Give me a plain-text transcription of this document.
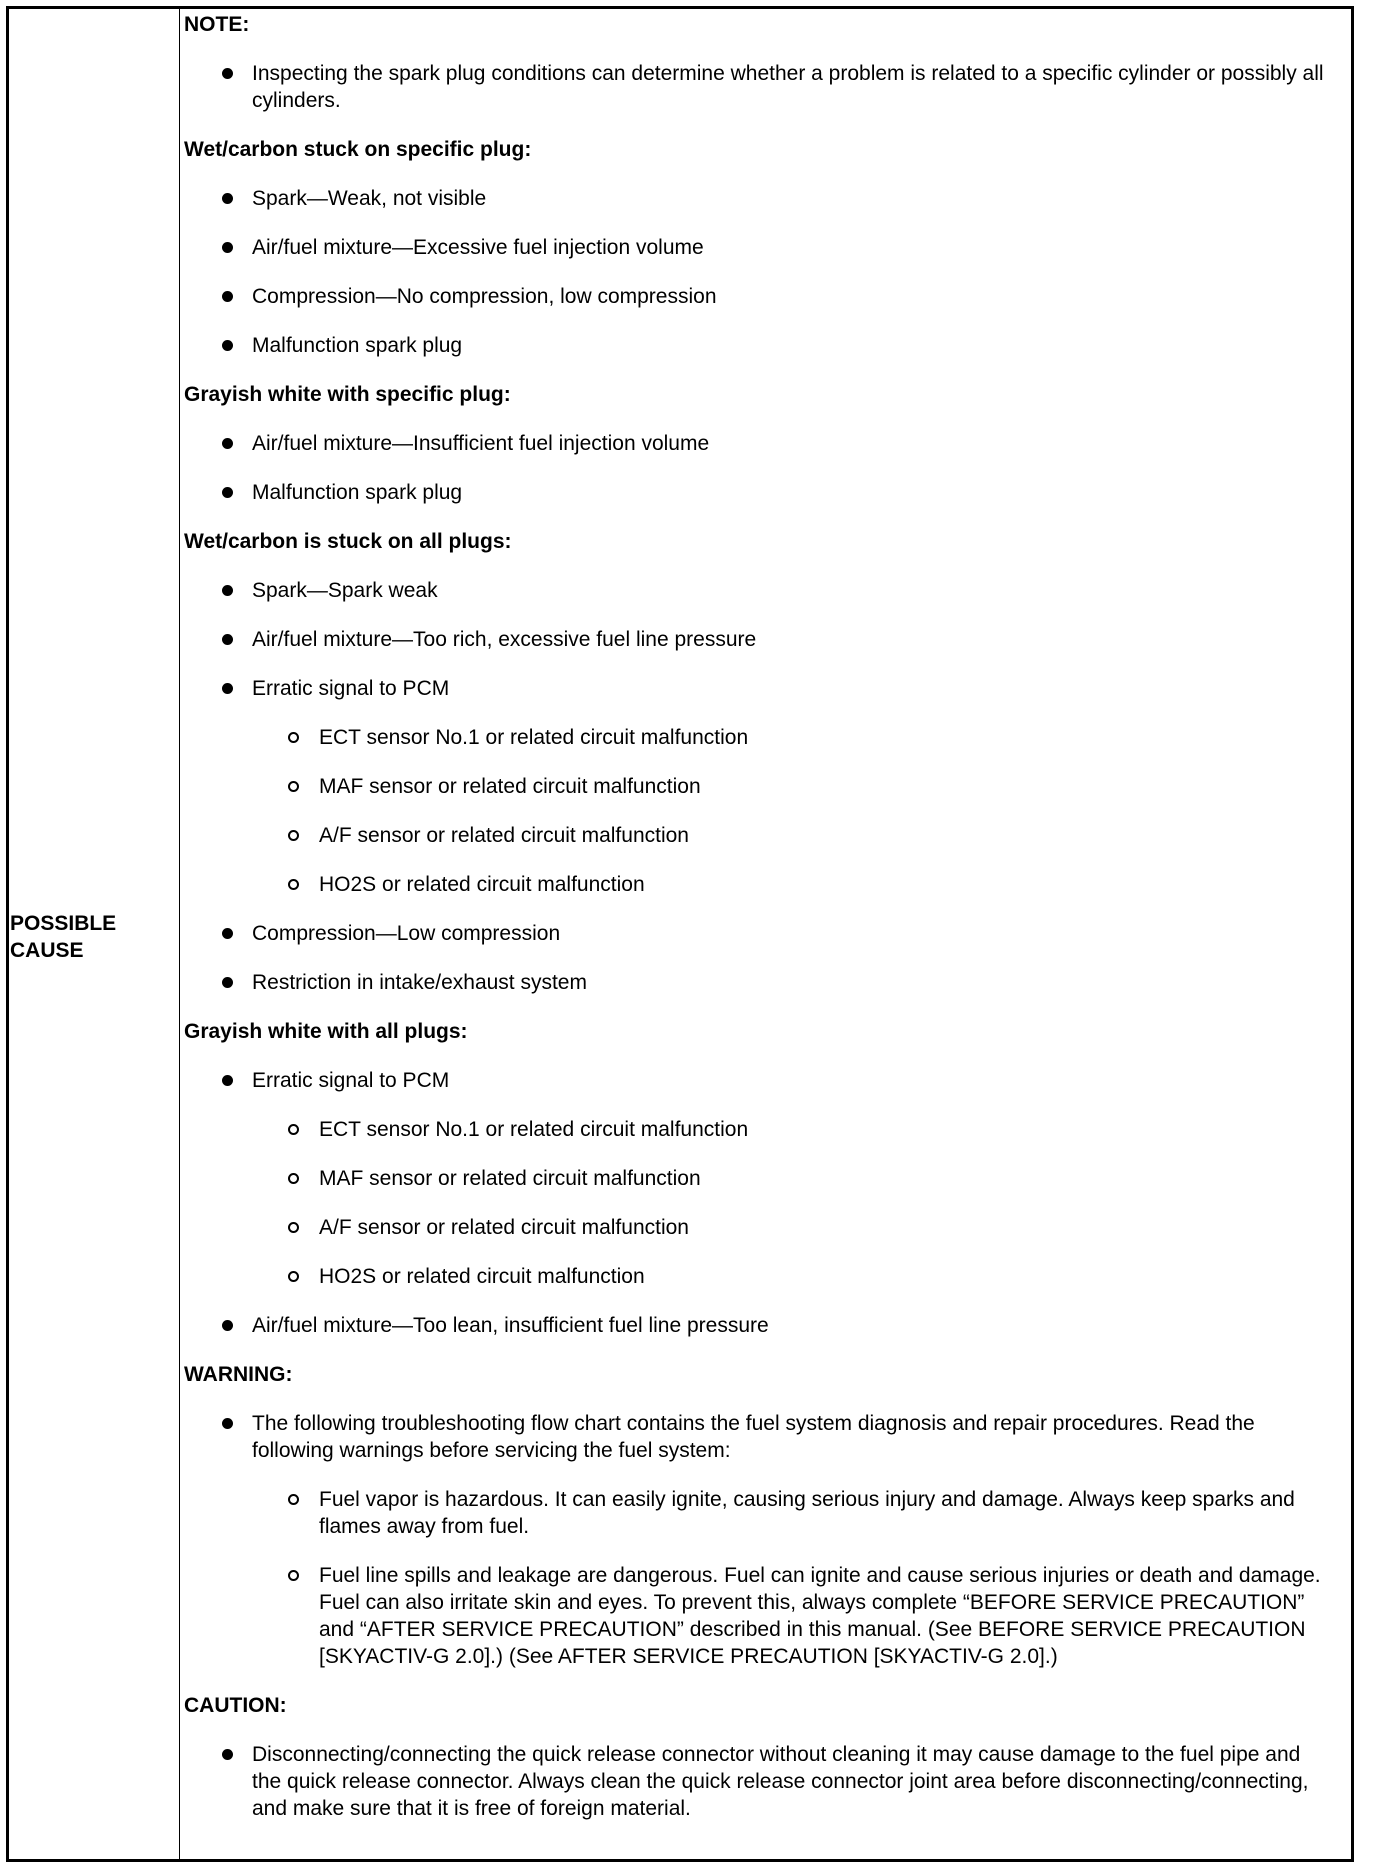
POSSIBLE CAUSE
NOTE:
Inspecting the spark plug conditions can determine whether a problem is related to a specific cylinder or possibly all cylinders.
Wet/carbon stuck on specific plug:
Spark—Weak, not visible
Air/fuel mixture—Excessive fuel injection volume
Compression—No compression, low compression
Malfunction spark plug
Grayish white with specific plug:
Air/fuel mixture—Insufficient fuel injection volume
Malfunction spark plug
Wet/carbon is stuck on all plugs:
Spark—Spark weak
Air/fuel mixture—Too rich, excessive fuel line pressure
Erratic signal to PCM
ECT sensor No.1 or related circuit malfunction
MAF sensor or related circuit malfunction
A/F sensor or related circuit malfunction
HO2S or related circuit malfunction
Compression—Low compression
Restriction in intake/exhaust system
Grayish white with all plugs:
Erratic signal to PCM
ECT sensor No.1 or related circuit malfunction
MAF sensor or related circuit malfunction
A/F sensor or related circuit malfunction
HO2S or related circuit malfunction
Air/fuel mixture—Too lean, insufficient fuel line pressure
WARNING:
The following troubleshooting flow chart contains the fuel system diagnosis and repair procedures. Read the following warnings before servicing the fuel system:
Fuel vapor is hazardous. It can easily ignite, causing serious injury and damage. Always keep sparks and flames away from fuel.
Fuel line spills and leakage are dangerous. Fuel can ignite and cause serious injuries or death and damage. Fuel can also irritate skin and eyes. To prevent this, always complete “BEFORE SERVICE PRECAUTION” and “AFTER SERVICE PRECAUTION” described in this manual. (See BEFORE SERVICE PRECAUTION [SKYACTIV-G 2.0].) (See AFTER SERVICE PRECAUTION [SKYACTIV-G 2.0].)
CAUTION:
Disconnecting/connecting the quick release connector without cleaning it may cause damage to the fuel pipe and the quick release connector. Always clean the quick release connector joint area before disconnecting/connecting, and make sure that it is free of foreign material.
